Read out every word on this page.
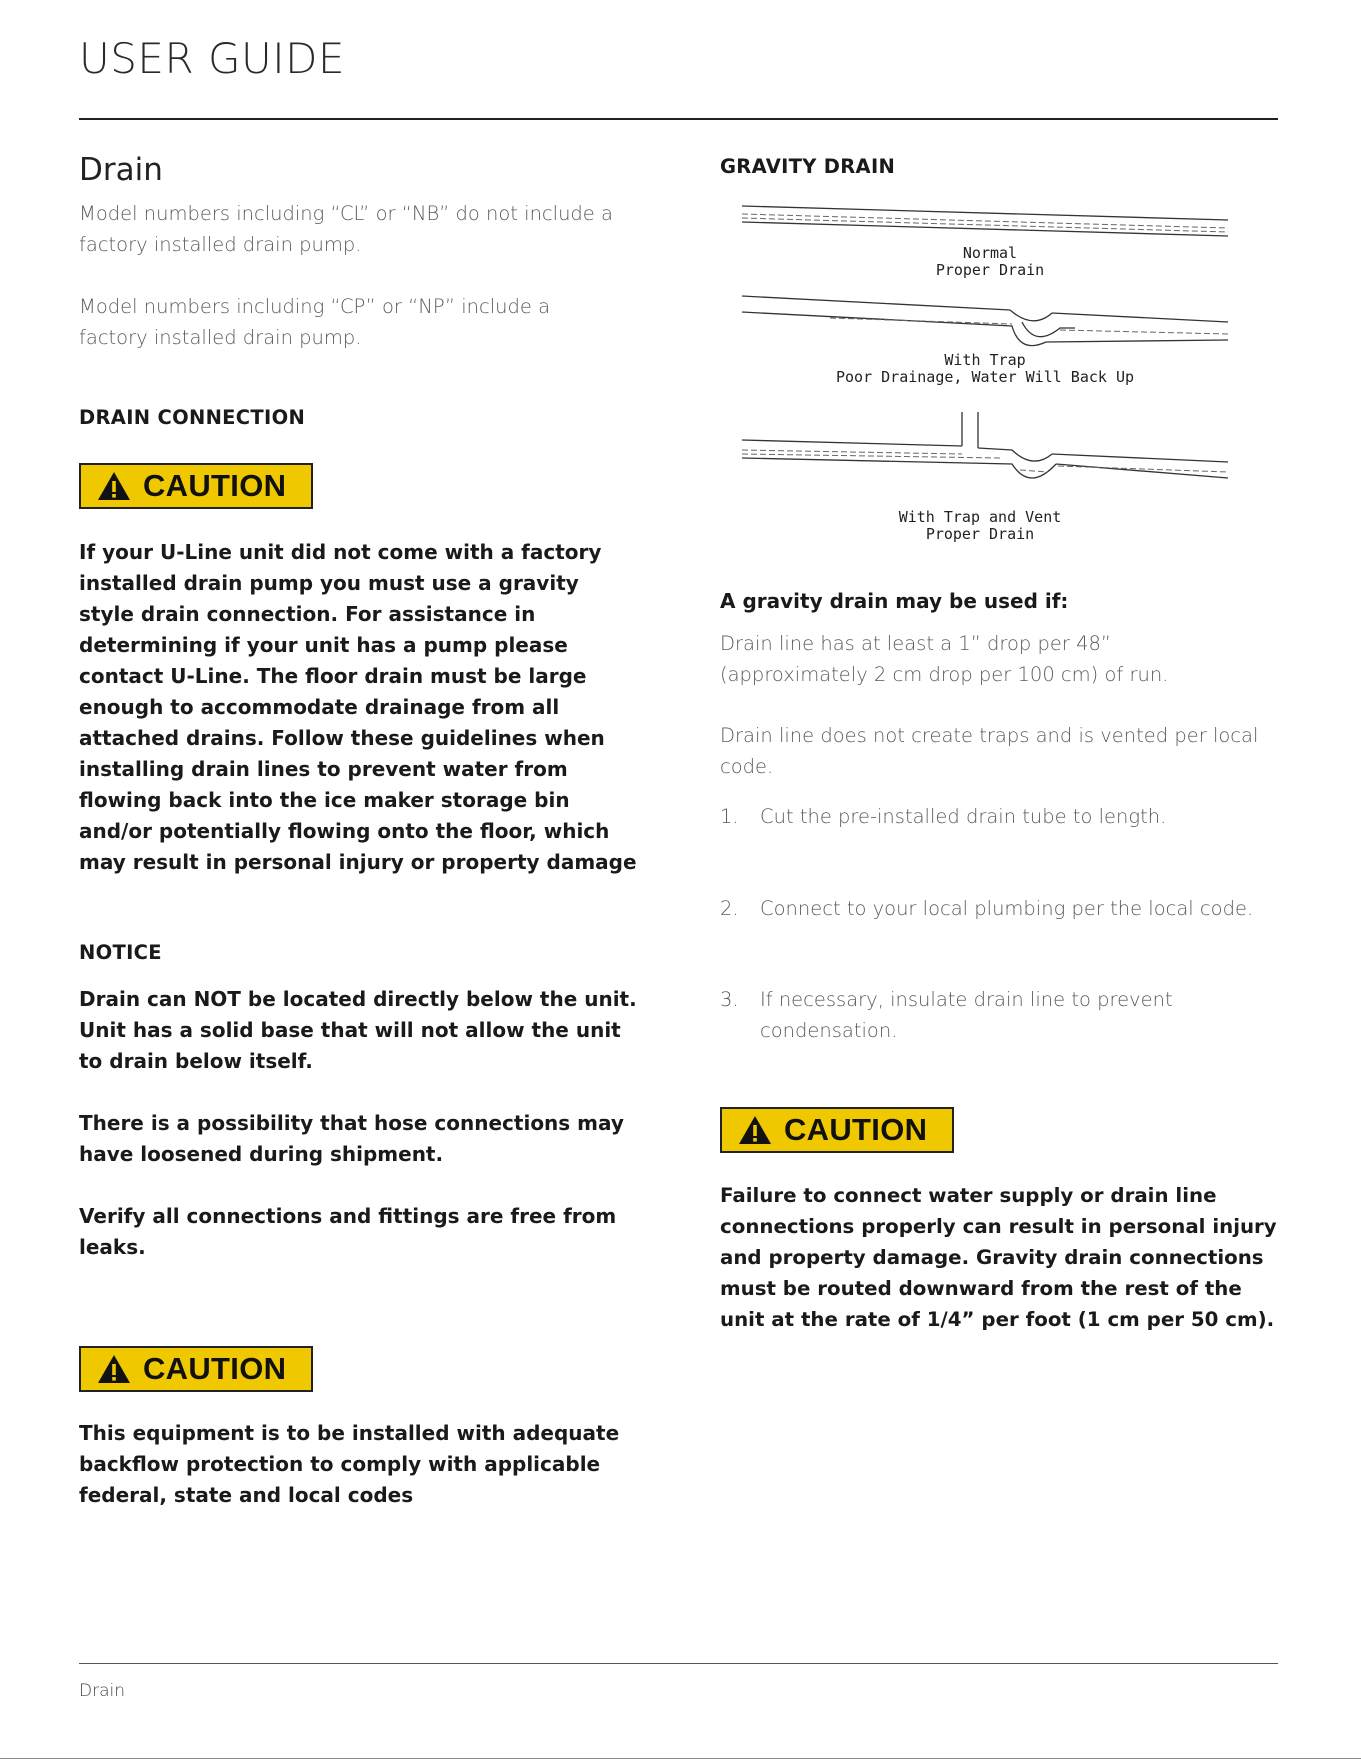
USER GUIDE
Drain

Model numbers including “CL” or “NB” do not include a factory installed drain pump.

Model numbers including “CP” or “NP” include a factory installed drain pump.

DRAIN CONNECTION

CAUTION

If your U-Line unit did not come with a factory installed drain pump you must use a gravity style drain connection. For assistance in determining if your unit has a pump please contact U-Line. The floor drain must be large enough to accommodate drainage from all attached drains. Follow these guidelines when installing drain lines to prevent water from flowing back into the ice maker storage bin and/or potentially flowing onto the floor, which may result in personal injury or property damage

NOTICE

Drain can NOT be located directly below the unit. Unit has a solid base that will not allow the unit to drain below itself.

There is a possibility that hose connections may have loosened during shipment.

Verify all connections and fittings are free from leaks.

CAUTION

This equipment is to be installed with adequate backflow protection to comply with applicable federal, state and local codes

GRAVITY DRAIN

Normal
Proper Drain
With Trap
Poor Drainage, Water Will Back Up
With Trap and Vent
Proper Drain

A gravity drain may be used if:

Drain line has at least a 1” drop per 48” (approximately 2 cm drop per 100 cm) of run.

Drain line does not create traps and is vented per local code.

1.	Cut the pre-installed drain tube to length.
2.	Connect to your local plumbing per the local code.
3.	If necessary, insulate drain line to prevent condensation.
CAUTION

Failure to connect water supply or drain line connections properly can result in personal injury and property damage. Gravity drain connections must be routed downward from the rest of the unit at the rate of 1/4” per foot (1 cm per 50 cm).

Drain
